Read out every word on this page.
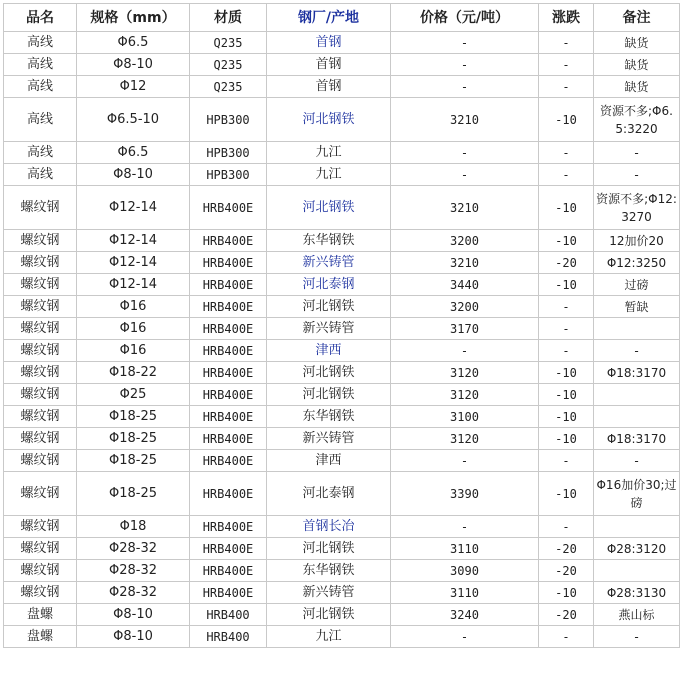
品名	规格（mm）	材质	钢厂/产地	价格（元/吨）	涨跌	备注
高线	Φ6.5	Q235	首钢	-	-	缺货
高线	Φ8-10	Q235	首钢	-	-	缺货
高线	Φ12	Q235	首钢	-	-	缺货
高线	Φ6.5-10	HPB300	河北钢铁	3210	-10	资源不多;Φ6.5:3220
高线	Φ6.5	HPB300	九江	-	-	-
高线	Φ8-10	HPB300	九江	-	-	-
螺纹钢	Φ12-14	HRB400E	河北钢铁	3210	-10	资源不多;Φ12:3270
螺纹钢	Φ12-14	HRB400E	东华钢铁	3200	-10	12加价20
螺纹钢	Φ12-14	HRB400E	新兴铸管	3210	-20	Φ12:3250
螺纹钢	Φ12-14	HRB400E	河北泰钢	3440	-10	过磅
螺纹钢	Φ16	HRB400E	河北钢铁	3200	-	暂缺
螺纹钢	Φ16	HRB400E	新兴铸管	3170	-	
螺纹钢	Φ16	HRB400E	津西	-	-	-
螺纹钢	Φ18-22	HRB400E	河北钢铁	3120	-10	Φ18:3170
螺纹钢	Φ25	HRB400E	河北钢铁	3120	-10	
螺纹钢	Φ18-25	HRB400E	东华钢铁	3100	-10	
螺纹钢	Φ18-25	HRB400E	新兴铸管	3120	-10	Φ18:3170
螺纹钢	Φ18-25	HRB400E	津西	-	-	-
螺纹钢	Φ18-25	HRB400E	河北泰钢	3390	-10	Φ16加价30;过磅
螺纹钢	Φ18	HRB400E	首钢长冶	-	-	
螺纹钢	Φ28-32	HRB400E	河北钢铁	3110	-20	Φ28:3120
螺纹钢	Φ28-32	HRB400E	东华钢铁	3090	-20	
螺纹钢	Φ28-32	HRB400E	新兴铸管	3110	-10	Φ28:3130
盘螺	Φ8-10	HRB400	河北钢铁	3240	-20	燕山标
盘螺	Φ8-10	HRB400	九江	-	-	-
